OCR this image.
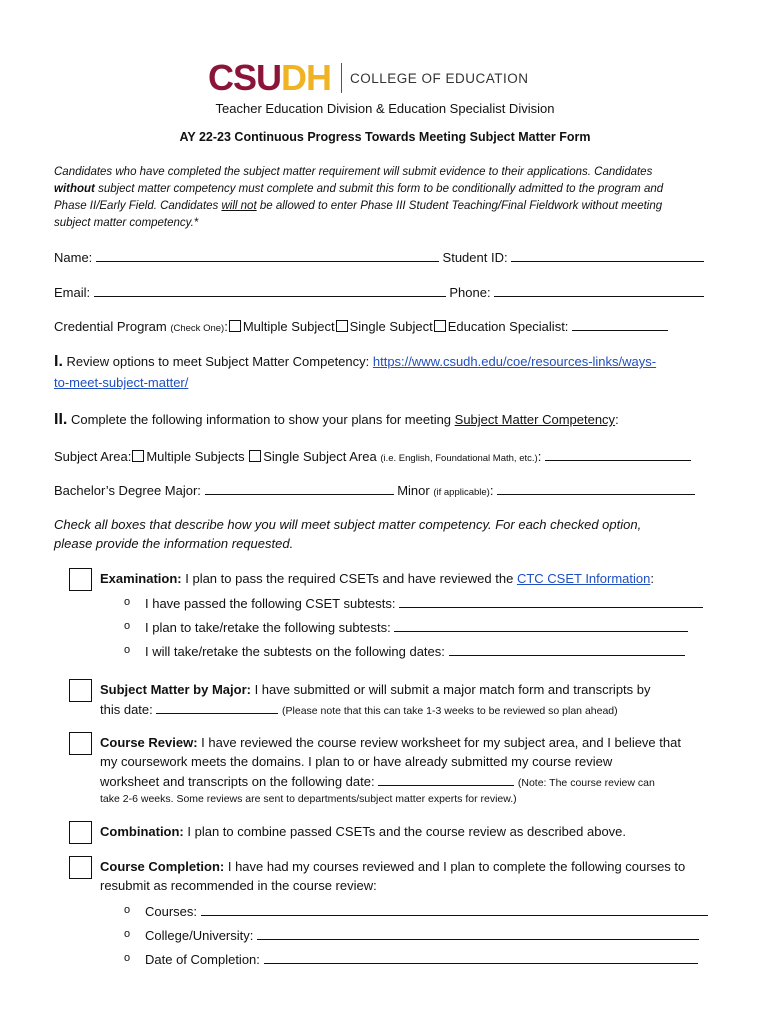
CSU DH COLLEGE OF EDUCATION
Teacher Education Division & Education Specialist Division
AY 22-23 Continuous Progress Towards Meeting Subject Matter Form
Candidates who have completed the subject matter requirement will submit evidence to their applications. Candidates
without subject matter competency must complete and submit this form to be conditionally admitted to the program and
Phase II/Early Field. Candidates will not be allowed to enter Phase III Student Teaching/Final Fieldwork without meeting
subject matter competency.*
Name:	Student ID:
Email:	Phone:
Credential Program (Check One): Multiple Subject Single Subject Education Specialist:
I. Review options to meet Subject Matter Competency: https://www.csudh.edu/coe/resources-links/ways-
to-meet-subject-matter/
II. Complete the following information to show your plans for meeting Subject Matter Competency:
Subject Area: Multiple Subjects Single Subject Area (i.e. English, Foundational Math, etc.):
Bachelor’s Degree Major:	Minor (if applicable):
Check all boxes that describe how you will meet subject matter competency. For each checked option,
please provide the information requested.
Examination: I plan to pass the required CSETs and have reviewed the CTC CSET Information:
o I have passed the following CSET subtests:
o I plan to take/retake the following subtests:
o I will take/retake the subtests on the following dates:
Subject Matter by Major: I have submitted or will submit a major match form and transcripts by
this date:	(Please note that this can take 1-3 weeks to be reviewed so plan ahead)
Course Review: I have reviewed the course review worksheet for my subject area, and I believe that
my coursework meets the domains. I plan to or have already submitted my course review
worksheet and transcripts on the following date:	(Note: The course review can
take 2-6 weeks. Some reviews are sent to departments/subject matter experts for review.)
Combination: I plan to combine passed CSETs and the course review as described above.
Course Completion: I have had my courses reviewed and I plan to complete the following courses to
resubmit as recommended in the course review:
o Courses:
o College/University:
o Date of Completion:
